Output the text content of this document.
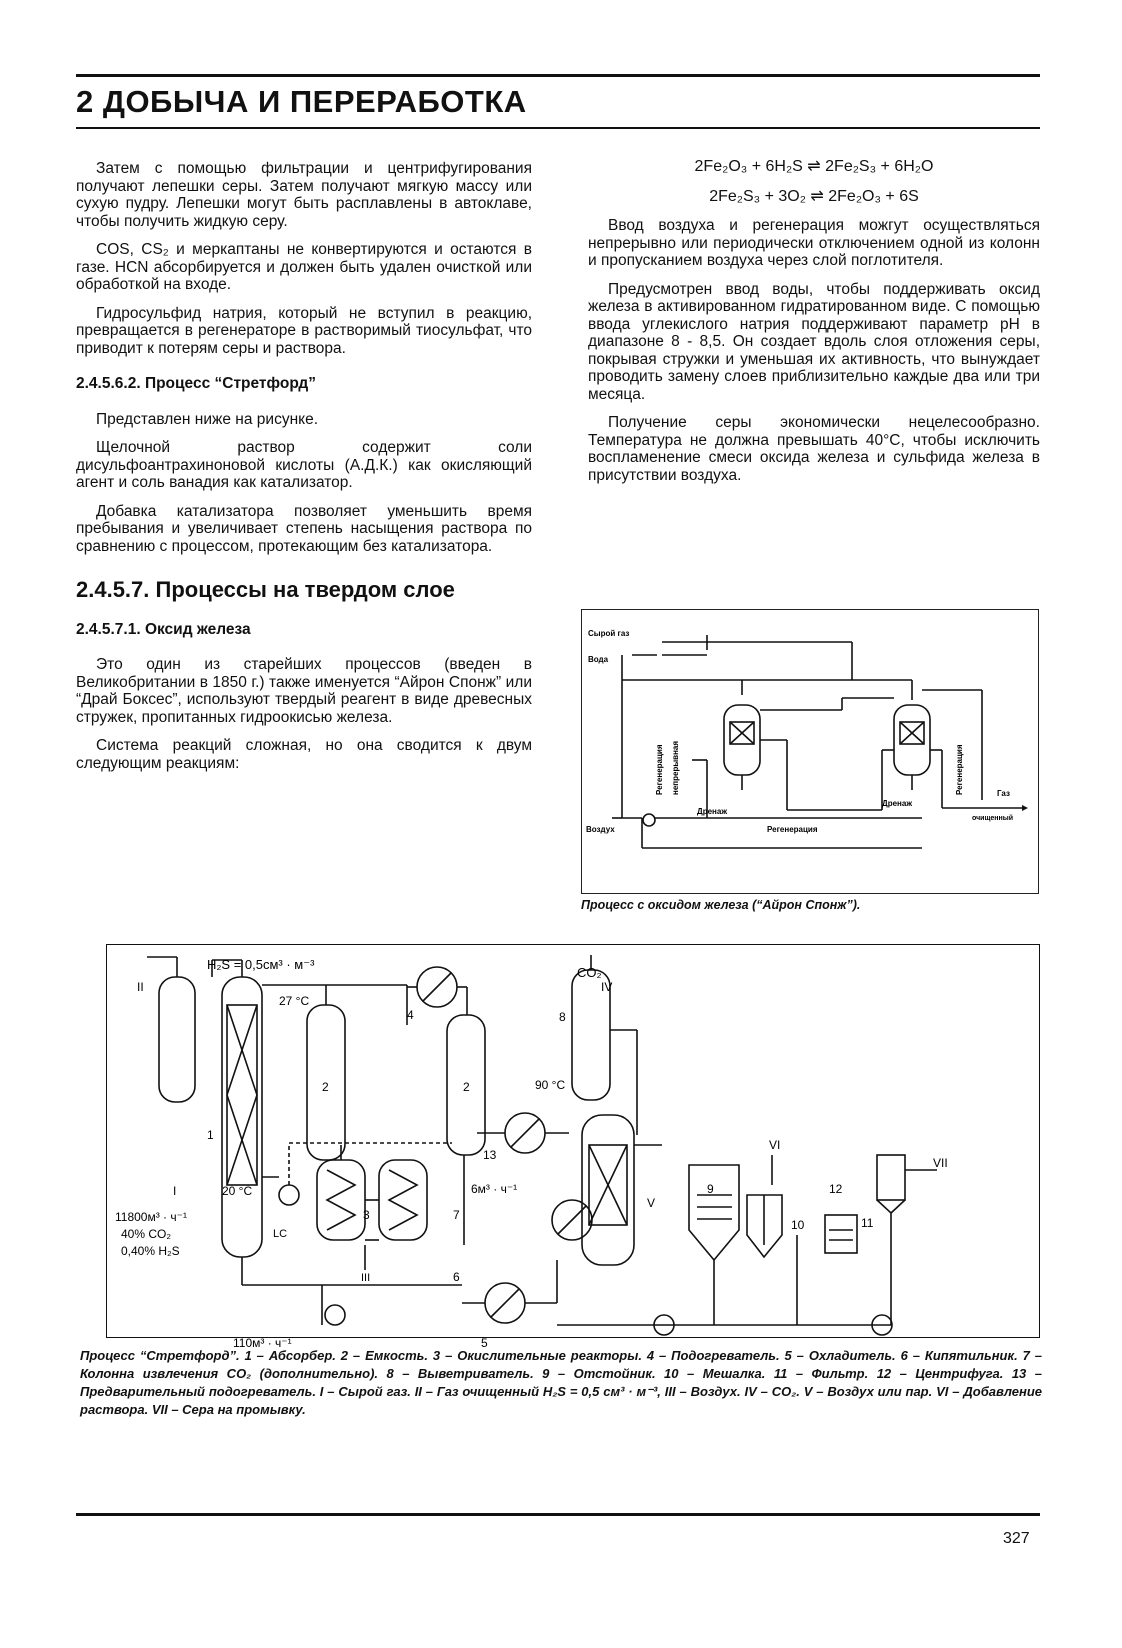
2 ДОБЫЧА И ПЕРЕРАБОТКА

Затем с помощью фильтрации и центрифугирования получают лепешки серы. Затем получают мягкую массу или сухую пудру. Лепешки могут быть расплавлены в автоклаве, чтобы получить жидкую серу.

COS, CS₂ и меркаптаны не конвертируются и остаются в газе. HCN абсорбируется и должен быть удален очисткой или обработкой на входе.

Гидросульфид натрия, который не вступил в реакцию, превращается в регенераторе в растворимый тиосульфат, что приводит к потерям серы и раствора.

2.4.5.6.2. Процесс “Стретфорд”

Представлен ниже на рисунке.

Щелочной раствор содержит соли дисульфоантрахиноновой кислоты (А.Д.К.) как окисляющий агент и соль ванадия как катализатор.

Добавка катализатора позволяет уменьшить время пребывания и увеличивает степень насыщения раствора по сравнению с процессом, протекающим без катализатора.

2.4.5.7. Процессы на твердом слое
2.4.5.7.1. Оксид железа

Это один из старейших процессов (введен в Великобритании в 1850 г.) также именуется “Айрон Спонж” или “Драй Боксес”, используют твердый реагент в виде древесных стружек, пропитанных гидроокисью железа.

Система реакций сложная, но она сводится к двум следующим реакциям:

2Fe₂O₃ + 6H₂S ⇌ 2Fe₂S₃ + 6H₂O
2Fe₂S₃ + 3O₂ ⇌ 2Fe₂O₃ + 6S

Ввод воздуха и регенерация можгут осуществляться непрерывно или периодически отключением одной из колонн и пропусканием воздуха через слой поглотителя.

Предусмотрен ввод воды, чтобы поддерживать оксид железа в активированном гидратированном виде. С помощью ввода углекислого натрия поддерживают параметр pH в диапазоне 8 - 8,5. Он создает вдоль слоя отложения серы, покрывая стружки и уменьшая их активность, что вынуждает проводить замену слоев приблизительно каждые два или три месяца.

Получение серы экономически нецелесообразно. Температура не должна превышать 40°C, чтобы исключить воспламенение смеси оксида железа и сульфида железа в присутствии воздуха.

Сырой газ
Вода
Воздух
Дренаж
Дренаж
Регенерация
Газ
очищенный
Регенерация непрерывная	Регенерация
Процесс с оксидом железа (“Айрон Спонж”).
H₂S = 0,5см³ · м⁻³
CO₂
IV
II
27 °C
90 °C
20 °C
4	8
2	2
1
13
VI
VII
I	6м³ · ч⁻¹	12
9
3	7
V
10	11
11800м³ · ч⁻¹
40% CO₂
0,40% H₂S
LC
III	6
110м³ · ч⁻¹	5
Процесс “Стретфорд”. 1 – Абсорбер. 2 – Емкость. 3 – Окислительные реакторы. 4 – Подогреватель. 5 – Охладитель. 6 – Кипятильник. 7 – Колонна извлечения CO₂ (дополнительно). 8 – Выветриватель. 9 – Отстойник. 10 – Мешалка. 11 – Фильтр. 12 – Центрифуга. 13 – Предварительный подогреватель. I – Сырой газ. II – Газ очищенный H₂S = 0,5 см³ · м⁻³, III – Воздух. IV – CO₂. V – Воздух или пар. VI – Добавление раствора. VII – Сера на промывку.
327
